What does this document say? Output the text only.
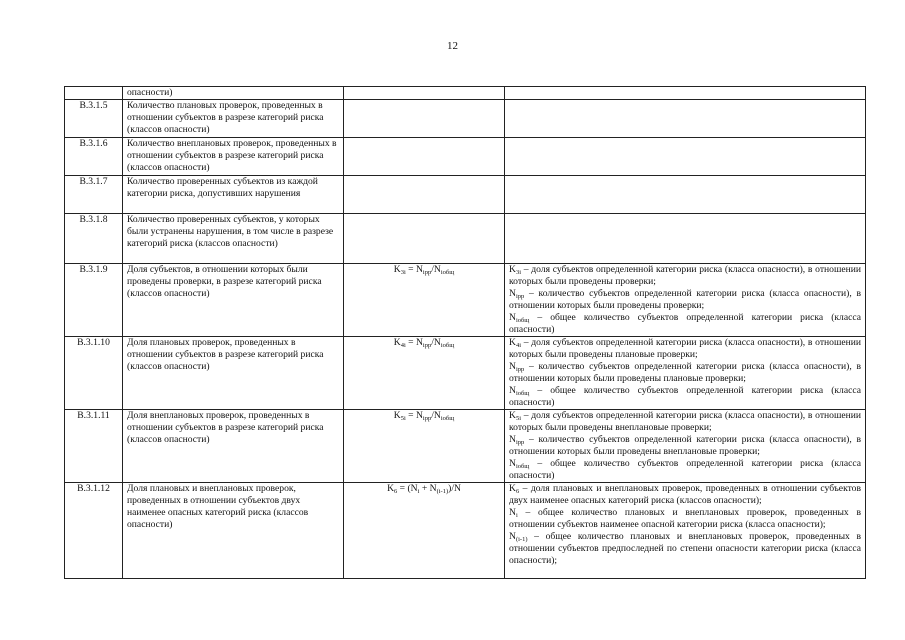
12
	опасности)		
В.3.1.5	Количество плановых проверок, проведенных в отношении субъектов в разрезе категорий риска (классов опасности)		
В.3.1.6	Количество внеплановых проверок, проведенных в отношении субъектов в разрезе категорий риска (классов опасности)		
В.3.1.7	Количество проверенных субъектов из каждой категории риска, допустивших нарушения		
В.3.1.8	Количество проверенных субъектов, у которых были устранены нарушения, в том числе в разрезе категорий риска (классов опасности)		
В.3.1.9	Доля субъектов, в отношении которых были проведены проверки, в разрезе категорий риска (классов опасности)	$K_{3i} = N_{ipp}/N_{iобщ}$	$K_{3i}$ – доля субъектов определенной категории риска (класса опасности), в отношении которых были проведены проверки;
$N_{ipp}$ – количество субъектов определенной категории риска (класса опасности), в отношении которых были проведены проверки;
$N_{iобщ}$ – общее количество субъектов определенной категории риска (класса опасности)

В.3.1.10	Доля плановых проверок, проведенных в отношении субъектов в разрезе категорий риска (классов опасности)	$K_{4i} = N_{ipp}/N_{iобщ}$	$K_{4i}$ – доля субъектов определенной категории риска (класса опасности), в отношении которых были проведены плановые проверки;
$N_{ipp}$ – количество субъектов определенной категории риска (класса опасности), в отношении которых были проведены плановые проверки;
$N_{iобщ}$ – общее количество субъектов определенной категории риска (класса опасности)

В.3.1.11	Доля внеплановых проверок, проведенных в отношении субъектов в разрезе категорий риска (классов опасности)	$K_{5i} = N_{ipp}/N_{iобщ}$	$K_{5i}$ – доля субъектов определенной категории риска (класса опасности), в отношении которых были проведены внеплановые проверки;
$N_{ipp}$ – количество субъектов определенной категории риска (класса опасности), в отношении которых были проведены внеплановые проверки;
$N_{iобщ}$ – общее количество субъектов определенной категории риска (класса опасности)

В.3.1.12	Доля плановых и внеплановых проверок, проведенных в отношении субъектов двух наименее опасных категорий риска (классов опасности)	$K_6 = (N_i + N_{(i-1)})/N$	$K_6$ – доля плановых и внеплановых проверок, проведенных в отношении субъектов двух наименее опасных категорий риска (классов опасности);
$N_i$ – общее количество плановых и внеплановых проверок, проведенных в отношении субъектов наименее опасной категории риска (класса опасности);
$N_{(i-1)}$ – общее количество плановых и внеплановых проверок, проведенных в отношении субъектов предпоследней по степени опасности категории риска (класса опасности);
